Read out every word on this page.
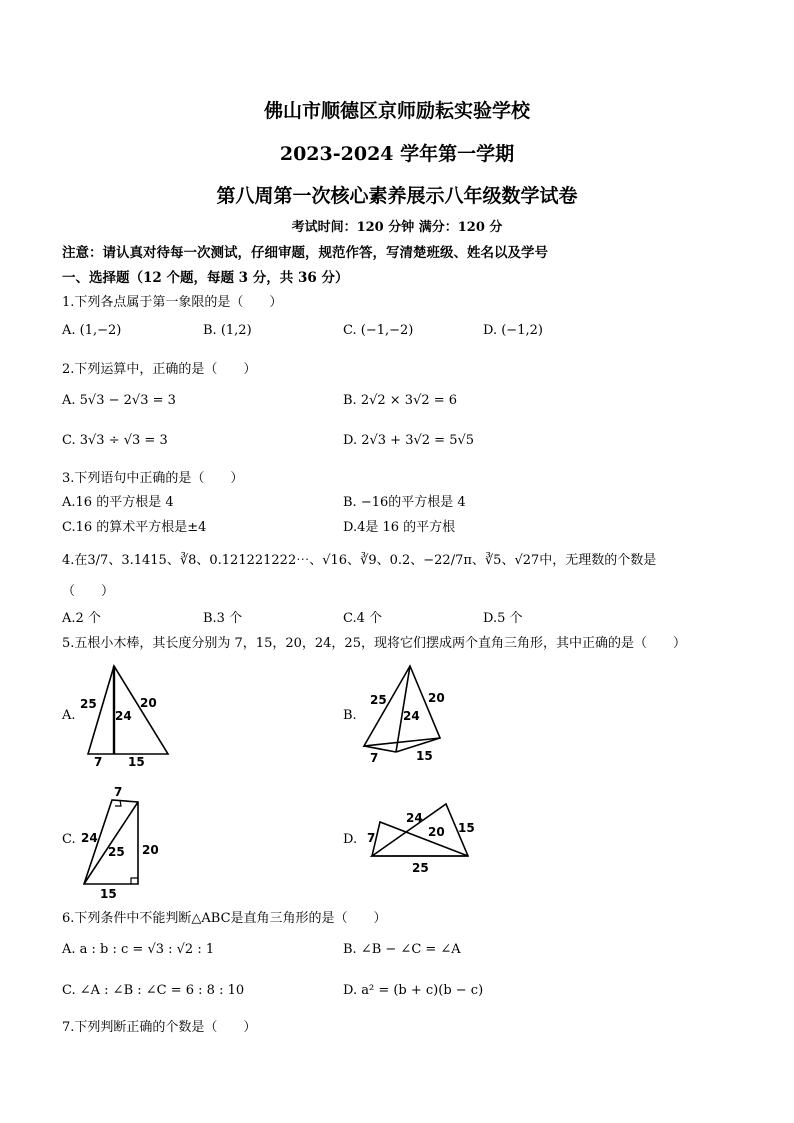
佛山市顺德区京师励耘实验学校
2023-2024 学年第一学期
第八周第一次核心素养展示八年级数学试卷
考试时间：120 分钟 满分：120 分
注意：请认真对待每一次测试，仔细审题，规范作答，写清楚班级、姓名以及学号
一、选择题（12 个题，每题 3 分，共 36 分）
1.下列各点属于第一象限的是（　　）
A. (1,−2)	B. (1,2)	C. (−1,−2)	D. (−1,2)
2.下列运算中，正确的是（　　）
A. 5√3 − 2√3 = 3	B. 2√2 × 3√2 = 6
C. 3√3 ÷ √3 = 3	D. 2√3 + 3√2 = 5√5
3.下列语句中正确的是（　　）
A.16 的平方根是 4	B. −16的平方根是 4
C.16 的算术平方根是±4	D.4是 16 的平方根
4.在3/7、3.1415、∛8、0.121221222⋯、√16、∛9、0.2、−22/7π、∛5、√27中，无理数的个数是
（　　）
A.2 个	B.3 个	C.4 个	D.5 个
5.五根小木棒，其长度分别为 7，15，20，24，25，现将它们摆成两个直角三角形，其中正确的是（　　）
A.
25
24
20
7 15
B.
25
24
20
7	15
C.
7
24
25 20
15
D. 7
24
20 15
25
6.下列条件中不能判断△ABC是直角三角形的是（　　）
A. a : b : c = √3 : √2 : 1	B. ∠B − ∠C = ∠A
C. ∠A : ∠B : ∠C = 6 : 8 : 10	D. a² = (b + c)(b − c)
7.下列判断正确的个数是（　　）
